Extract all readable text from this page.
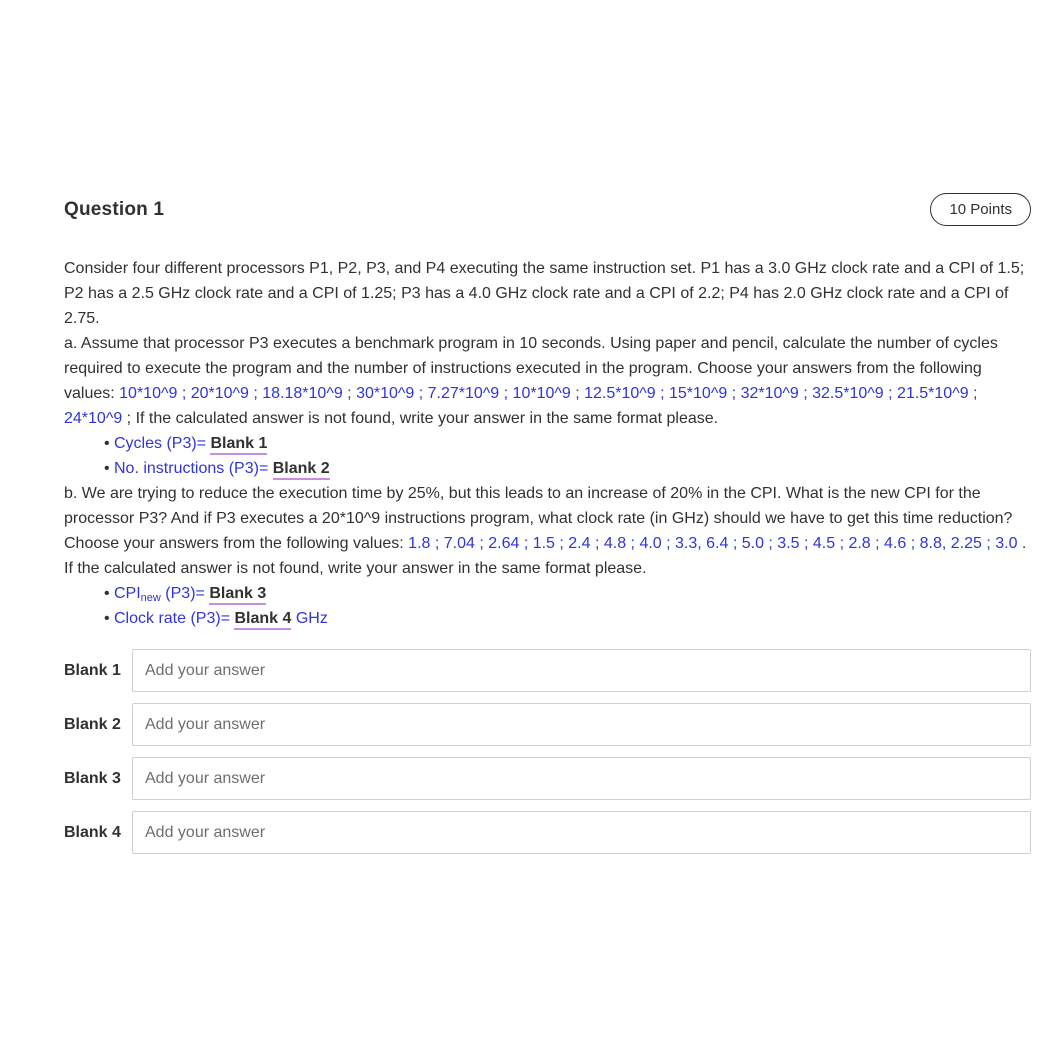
Question 1	10 Points

Consider four different processors P1, P2, P3, and P4 executing the same instruction set. P1 has a 3.0 GHz clock rate and a CPI of 1.5; P2 has a 2.5 GHz clock rate and a CPI of 1.25; P3 has a 4.0 GHz clock rate and a CPI of 2.2; P4 has 2.0 GHz clock rate and a CPI of 2.75.

a. Assume that processor P3 executes a benchmark program in 10 seconds. Using paper and pencil, calculate the number of cycles required to execute the program and the number of instructions executed in the program. Choose your answers from the following values: 10*10^9 ; 20*10^9 ; 18.18*10^9 ; 30*10^9 ; 7.27*10^9 ; 10*10^9 ; 12.5*10^9 ; 15*10^9 ; 32*10^9 ; 32.5*10^9 ; 21.5*10^9 ; 24*10^9 ; If the calculated answer is not found, write your answer in the same format please.

• Cycles (P3)= Blank 1
• No. instructions (P3)= Blank 2

b. We are trying to reduce the execution time by 25%, but this leads to an increase of 20% in the CPI. What is the new CPI for the processor P3? And if P3 executes a 20*10^9 instructions program, what clock rate (in GHz) should we have to get this time reduction? Choose your answers from the following values: 1.8 ; 7.04 ; 2.64 ; 1.5 ; 2.4 ; 4.8 ; 4.0 ; 3.3, 6.4 ; 5.0 ; 3.5 ; 4.5 ; 2.8 ; 4.6 ; 8.8, 2.25 ; 3.0 . If the calculated answer is not found, write your answer in the same format please.

• $CPI_{new}$ (P3)= Blank 3
• Clock rate (P3)= Blank 4 GHz
Blank 1
Add your answer
Blank 2
Add your answer
Blank 3
Add your answer
Blank 4
Add your answer
